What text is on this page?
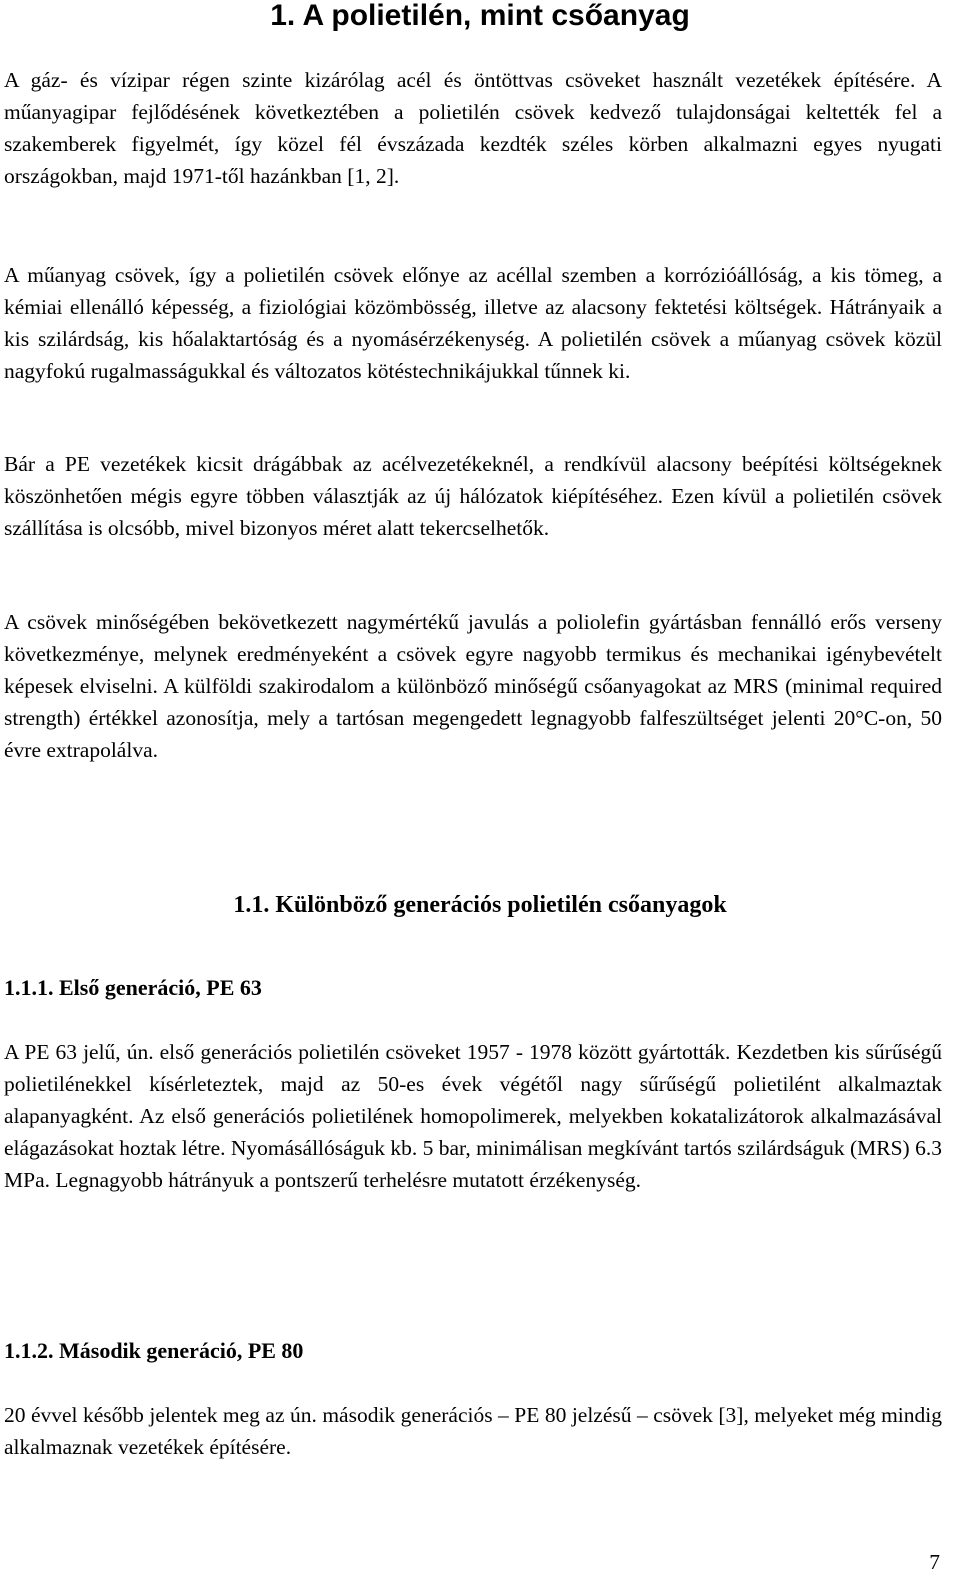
1. A polietilén, mint csőanyag

A gáz- és vízipar régen szinte kizárólag acél és öntöttvas csöveket használt vezetékek építésére. A műanyagipar fejlődésének következtében a polietilén csövek kedvező tulajdonságai keltették fel a szakemberek figyelmét, így közel fél évszázada kezdték széles körben alkalmazni egyes nyugati országokban, majd 1971-től hazánkban [1, 2].

A műanyag csövek, így a polietilén csövek előnye az acéllal szemben a korrózióállóság, a kis tömeg, a kémiai ellenálló képesség, a fiziológiai közömbösség, illetve az alacsony fektetési költségek. Hátrányaik a kis szilárdság, kis hőalaktartóság és a nyomásérzékenység. A polietilén csövek a műanyag csövek közül nagyfokú rugalmasságukkal és változatos kötéstechnikájukkal tűnnek ki.

Bár a PE vezetékek kicsit drágábbak az acélvezetékeknél, a rendkívül alacsony beépítési költségeknek köszönhetően mégis egyre többen választják az új hálózatok kiépítéséhez. Ezen kívül a polietilén csövek szállítása is olcsóbb, mivel bizonyos méret alatt tekercselhetők.

A csövek minőségében bekövetkezett nagymértékű javulás a poliolefin gyártásban fennálló erős verseny következménye, melynek eredményeként a csövek egyre nagyobb termikus és mechanikai igénybevételt képesek elviselni. A külföldi szakirodalom a különböző minőségű csőanyagokat az MRS (minimal required strength) értékkel azonosítja, mely a tartósan megengedett legnagyobb falfeszültséget jelenti 20°C-on, 50 évre extrapolálva.

1.1. Különböző generációs polietilén csőanyagok
1.1.1. Első generáció, PE 63

A PE 63 jelű, ún. első generációs polietilén csöveket 1957 - 1978 között gyártották. Kezdetben kis sűrűségű polietilénekkel kísérleteztek, majd az 50-es évek végétől nagy sűrűségű polietilént alkalmaztak alapanyagként. Az első generációs polietilének homopolimerek, melyekben kokatalizátorok alkalmazásával elágazásokat hoztak létre. Nyomásállóságuk kb. 5 bar, minimálisan megkívánt tartós szilárdságuk (MRS) 6.3 MPa. Legnagyobb hátrányuk a pontszerű terhelésre mutatott érzékenység.

1.1.2. Második generáció, PE 80

20 évvel később jelentek meg az ún. második generációs – PE 80 jelzésű – csövek [3], melyeket még mindig alkalmaznak vezetékek építésére.

7
